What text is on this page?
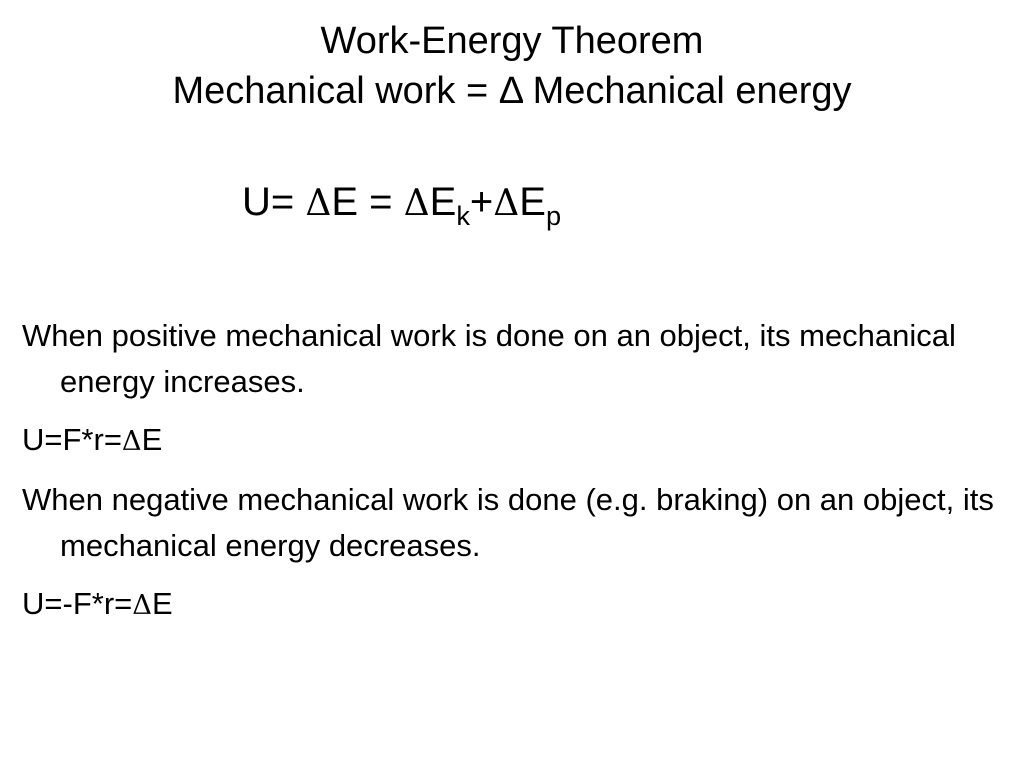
Work-Energy Theorem
Mechanical work = Δ Mechanical energy
$U= \Delta E = \Delta E_k+\Delta E_p$

When positive mechanical work is done on an object, its mechanical energy increases.

U=F*r=ΔE

When negative mechanical work is done (e.g. braking) on an object, its mechanical energy decreases.

U=-F*r=ΔE
